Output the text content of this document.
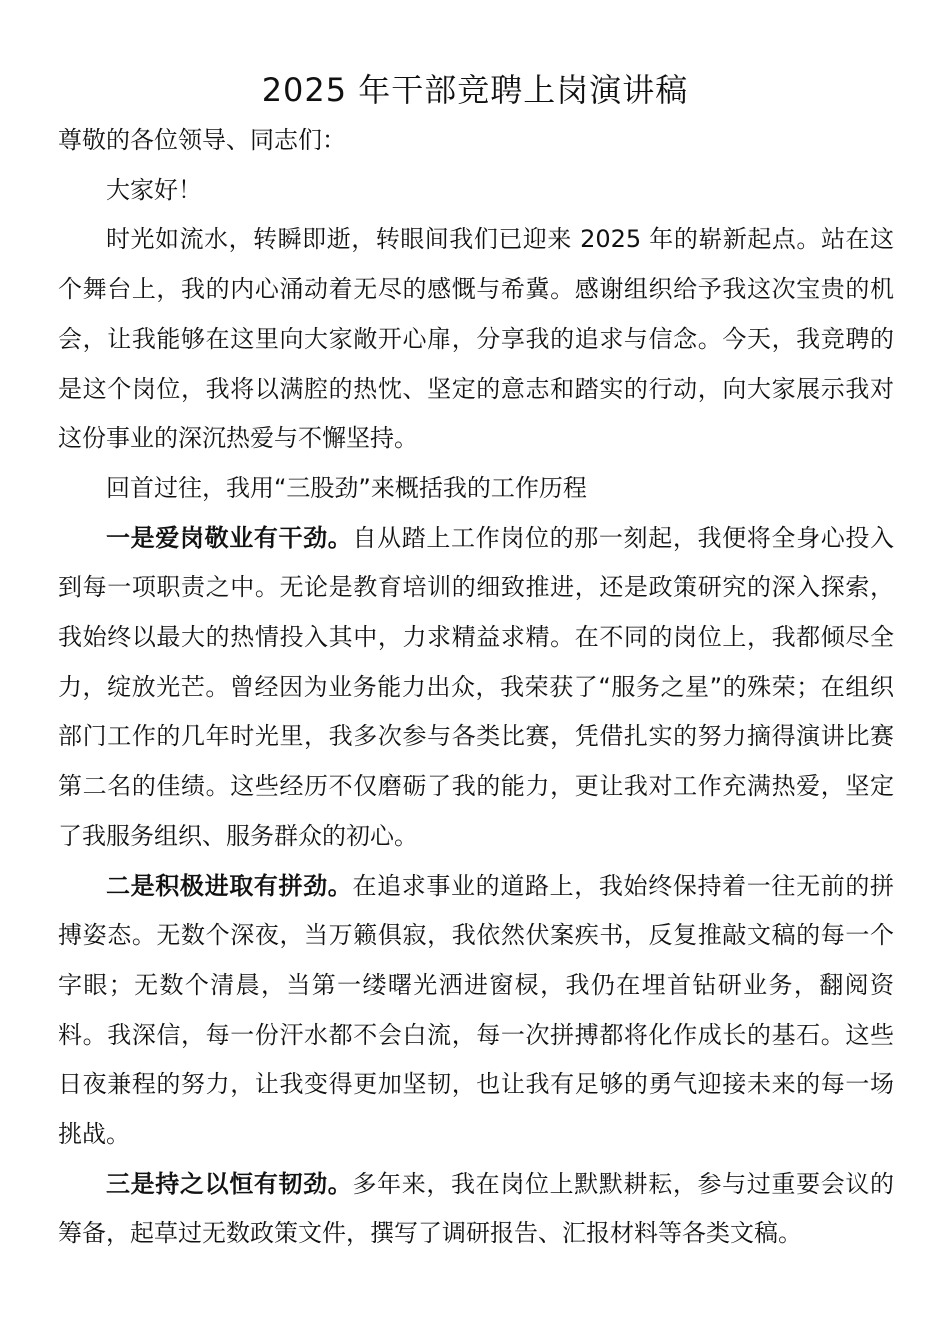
2025 年干部竞聘上岗演讲稿

尊敬的各位领导、同志们：

大家好！

时光如流水，转瞬即逝，转眼间我们已迎来 2025 年的崭新起点。站在这个舞台上，我的内心涌动着无尽的感慨与希冀。感谢组织给予我这次宝贵的机会，让我能够在这里向大家敞开心扉，分享我的追求与信念。今天，我竞聘的是这个岗位，我将以满腔的热忱、坚定的意志和踏实的行动，向大家展示我对这份事业的深沉热爱与不懈坚持。

回首过往，我用“三股劲”来概括我的工作历程

一是爱岗敬业有干劲。自从踏上工作岗位的那一刻起，我便将全身心投入到每一项职责之中。无论是教育培训的细致推进，还是政策研究的深入探索，我始终以最大的热情投入其中，力求精益求精。在不同的岗位上，我都倾尽全力，绽放光芒。曾经因为业务能力出众，我荣获了“服务之星”的殊荣；在组织部门工作的几年时光里，我多次参与各类比赛，凭借扎实的努力摘得演讲比赛第二名的佳绩。这些经历不仅磨砺了我的能力，更让我对工作充满热爱，坚定了我服务组织、服务群众的初心。

二是积极进取有拼劲。在追求事业的道路上，我始终保持着一往无前的拼搏姿态。无数个深夜，当万籁俱寂，我依然伏案疾书，反复推敲文稿的每一个字眼；无数个清晨，当第一缕曙光洒进窗棂，我仍在埋首钻研业务，翻阅资料。我深信，每一份汗水都不会白流，每一次拼搏都将化作成长的基石。这些日夜兼程的努力，让我变得更加坚韧，也让我有足够的勇气迎接未来的每一场挑战。

三是持之以恒有韧劲。多年来，我在岗位上默默耕耘，参与过重要会议的筹备，起草过无数政策文件，撰写了调研报告、汇报材料等各类文稿。
